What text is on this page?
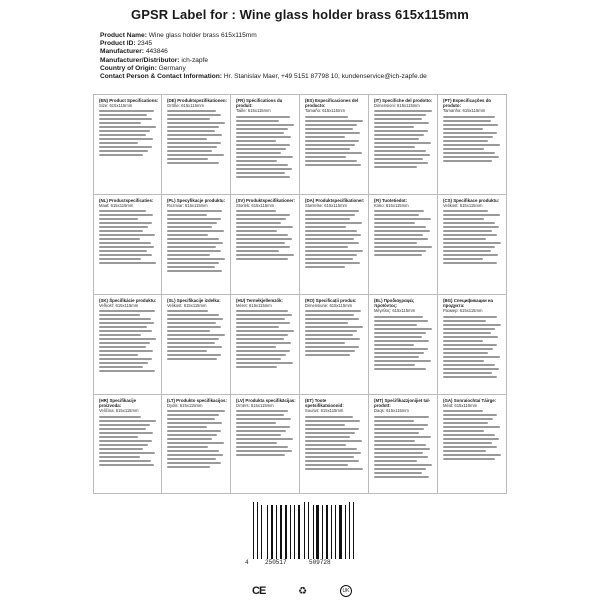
GPSR Label for : Wine glass holder brass 615x115mm
Product Name: Wine glass holder brass 615x115mm
Product ID: 2345
Manufacturer: 443846
Manufacturer/Distributor: ich-zapfe
Country of Origin: Germany
Contact Person & Contact Information: Hr. Stanislav Maer, +49 5151 87798 10, kundenservice@ich-zapfe.de
(EN) Product Specifications:
Size: 615x115mm
(DE) Produktspezifikationen:
Größe: 615x115mm
(FR) Spécifications du produit:
Taille: 615x115mm
(ES) Especificaciones del producto:
Tamaño: 615x115mm
(IT) Specifiche del prodotto:
Dimensioni: 615x115mm
(PT) Especificações do produto:
Tamanho: 615x115mm
(NL) Productspecificaties:
Maat: 615x115mm
(PL) Specyfikacje produktu:
Rozmiar: 615x115mm
(SV) Produktspecifikationer:
Storlek: 615x115mm
(DA) Produktspecifikationer:
Størrelse: 615x115mm
(FI) Tuotetiedot:
Koko: 615x115mm
(CS) Specifikace produktu:
Velikost: 615x115mm
(SK) Špecifikácie produktu:
Veľkosť: 615x115mm
(SL) Specifikacije izdelka:
Velikost: 615x115mm
(HU) Termékjellemzők:
Méret: 615x115mm
(RO) Specificații produs:
Dimensiune: 615x115mm
(EL) Προδιαγραφές προϊόντος:
Μέγεθος: 615x115mm
(BG) Спецификации на продукта:
Размер: 615x115mm
(HR) Specifikacije proizvoda:
Veličina: 615x115mm
(LT) Produkto specifikacijos:
Dydis: 615x115mm
(LV) Produkta specifikācijas:
Izmērs: 615x115mm
(ET) Toote spetsifikatsioonid:
Suurus: 615x115mm
(MT) Speċifikazzjonijiet tal-prodott:
Daqs: 615x115mm
(GA) Sonraíochtaí Táirge:
Méid: 615x115mm
4	250517	509728
CE	♻	UK
